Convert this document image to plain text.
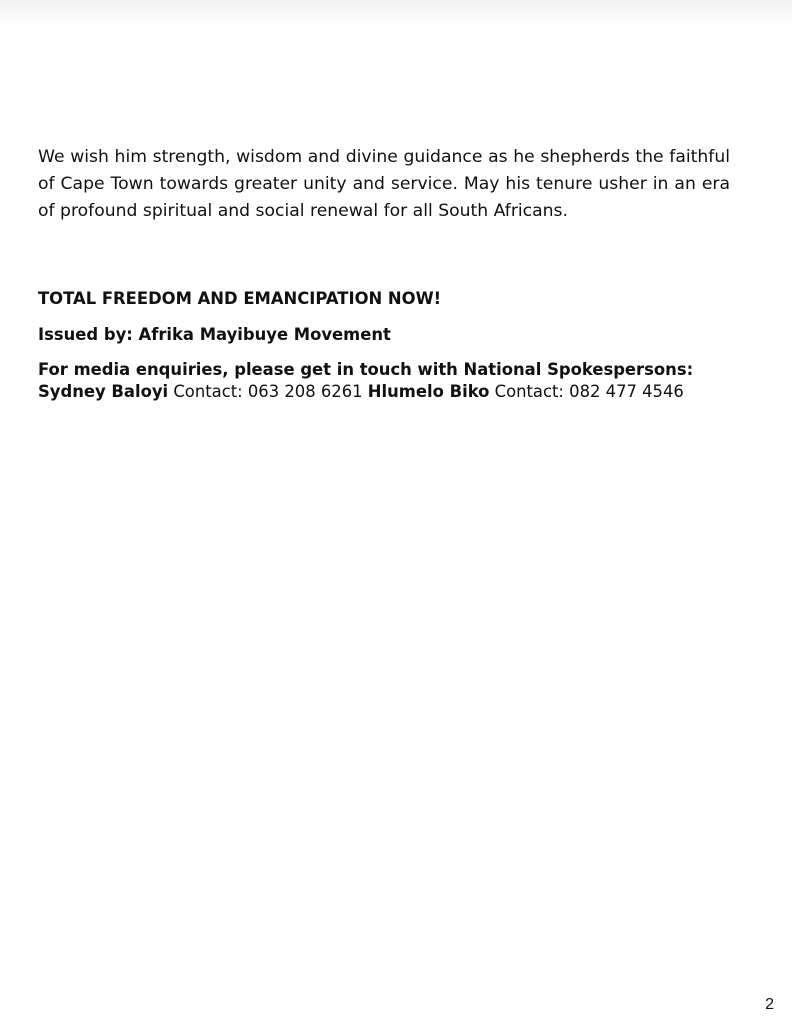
We wish him strength, wisdom and divine guidance as he shepherds the faithful of Cape Town towards greater unity and service. May his tenure usher in an era of profound spiritual and social renewal for all South Africans.

TOTAL FREEDOM AND EMANCIPATION NOW!

Issued by: Afrika Mayibuye Movement

For media enquiries, please get in touch with National Spokespersons: Sydney Baloyi Contact: 063 208 6261 Hlumelo Biko Contact: 082 477 4546

2
